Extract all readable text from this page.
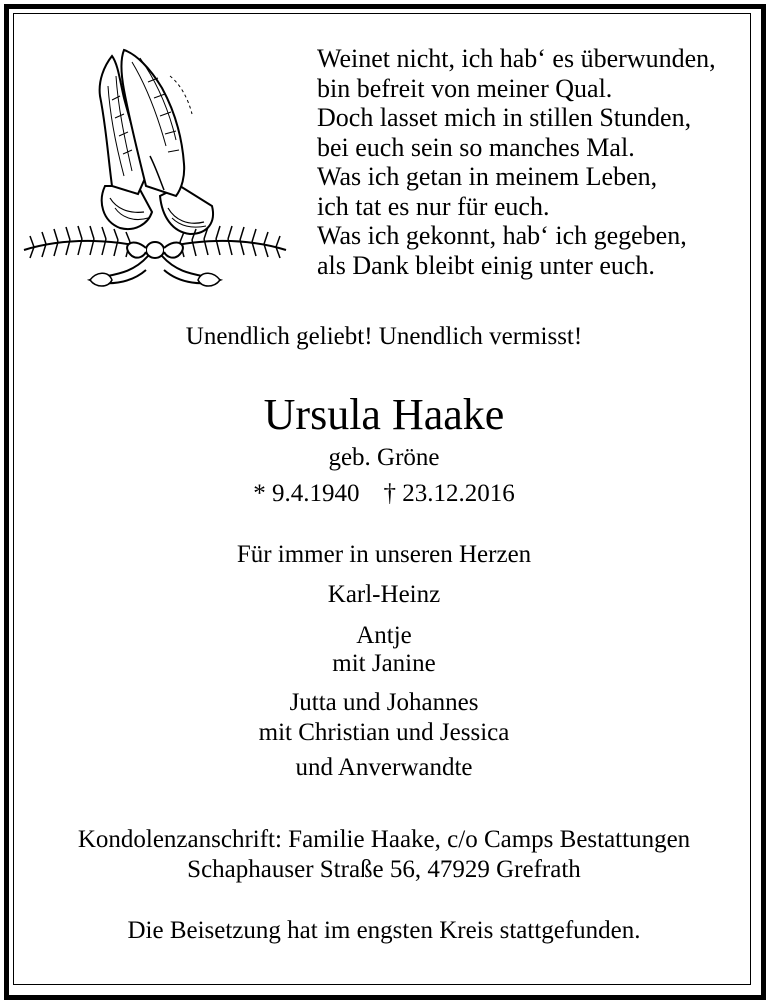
Weinet nicht, ich hab‘ es überwunden,
bin befreit von meiner Qual.
Doch lasset mich in stillen Stunden,
bei euch sein so manches Mal.
Was ich getan in meinem Leben,
ich tat es nur für euch.
Was ich gekonnt, hab‘ ich gegeben,
als Dank bleibt einig unter euch.
Unendlich geliebt! Unendlich vermisst!
Ursula Haake
geb. Gröne
* 9.4.1940 † 23.12.2016
Für immer in unseren Herzen
Karl-Heinz
Antje
mit Janine
Jutta und Johannes
mit Christian und Jessica
und Anverwandte
Kondolenzanschrift: Familie Haake, c/o Camps Bestattungen
Schaphauser Straße 56, 47929 Grefrath
Die Beisetzung hat im engsten Kreis stattgefunden.
